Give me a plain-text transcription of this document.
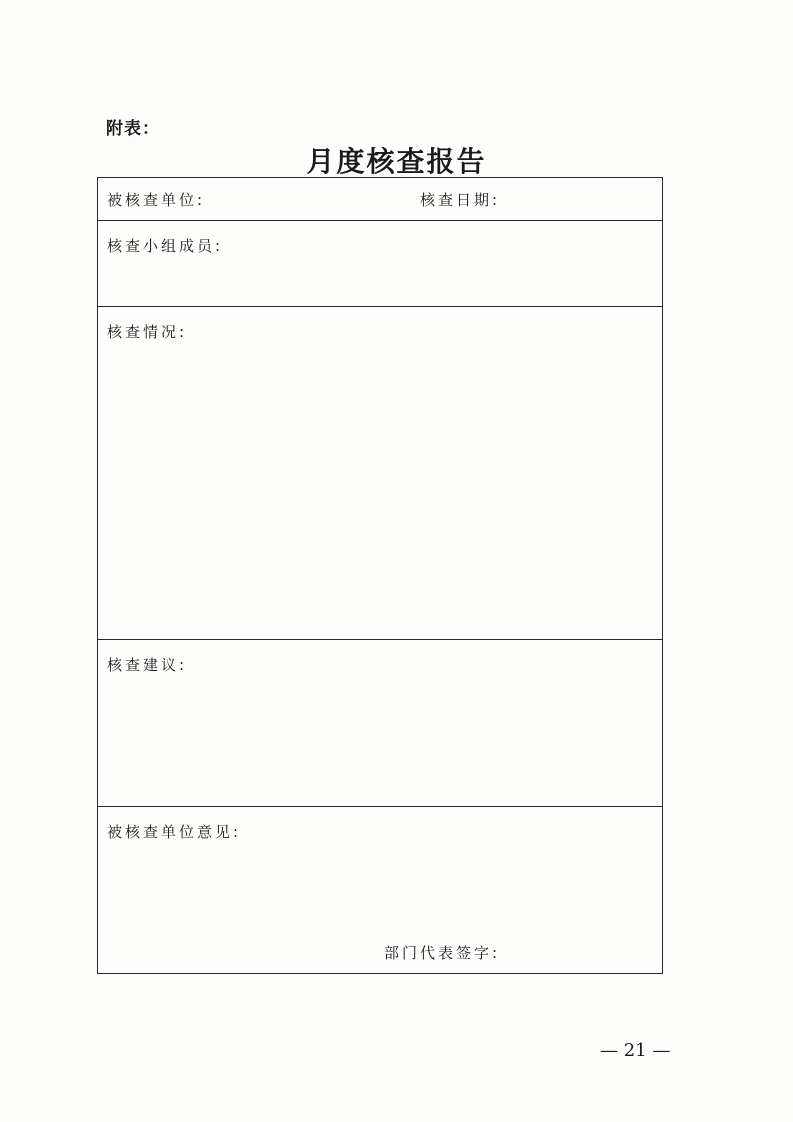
附表：
月度核查报告
被核查单位:	核查日期:
核查小组成员:
核查情况:
核查建议:
被核查单位意见:
部门代表签字:
— 21 —
